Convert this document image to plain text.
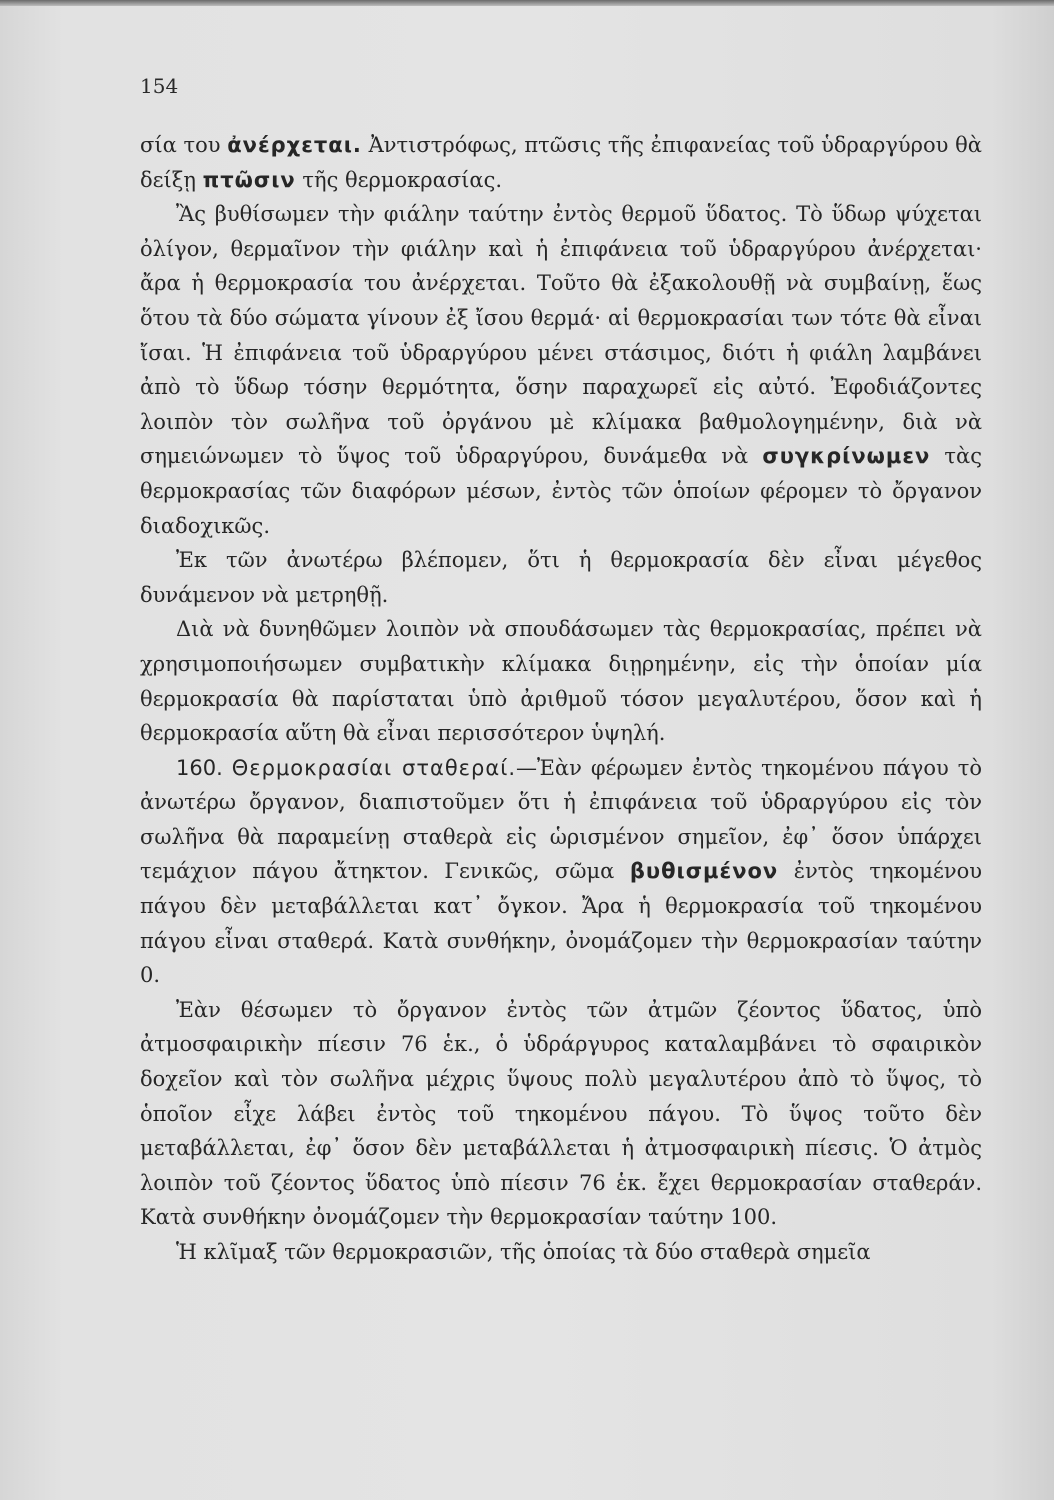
154

σία του ἀνέρχεται. Ἀντιστρόφως, πτῶσις τῆς ἐπιφανείας τοῦ ὑδραργύρου θὰ δείξῃ πτῶσιν τῆς θερμοκρασίας.

Ἂς βυθίσωμεν τὴν φιάλην ταύτην ἐντὸς θερμοῦ ὕδατος. Τὸ ὕδωρ ψύχεται ὀλίγον, θερμαῖνον τὴν φιάλην καὶ ἡ ἐπιφάνεια τοῦ ὑδραργύρου ἀνέρχεται· ἄρα ἡ θερμοκρασία του ἀνέρχεται. Τοῦτο θὰ ἐξακολουθῇ νὰ συμβαίνῃ, ἕως ὅτου τὰ δύο σώματα γίνουν ἐξ ἴσου θερμά· αἱ θερμοκρασίαι των τότε θὰ εἶναι ἴσαι. Ἡ ἐπιφάνεια τοῦ ὑδραργύρου μένει στάσιμος, διότι ἡ φιάλη λαμβάνει ἀπὸ τὸ ὕδωρ τόσην θερμότητα, ὅσην παραχωρεῖ εἰς αὐτό. Ἐφοδιάζοντες λοιπὸν τὸν σωλῆνα τοῦ ὀργάνου μὲ κλίμακα βαθμολογημένην, διὰ νὰ σημειώνωμεν τὸ ὕψος τοῦ ὑδραργύρου, δυνάμεθα νὰ συγκρίνωμεν τὰς θερμοκρασίας τῶν διαφόρων μέσων, ἐντὸς τῶν ὁποίων φέρομεν τὸ ὄργανον διαδοχικῶς.

Ἐκ τῶν ἀνωτέρω βλέπομεν, ὅτι ἡ θερμοκρασία δὲν εἶναι μέγεθος δυνάμενον νὰ μετρηθῇ.

Διὰ νὰ δυνηθῶμεν λοιπὸν νὰ σπουδάσωμεν τὰς θερμοκρασίας, πρέπει νὰ χρησιμοποιήσωμεν συμβατικὴν κλίμακα διῃρημένην, εἰς τὴν ὁποίαν μία θερμοκρασία θὰ παρίσταται ὑπὸ ἀριθμοῦ τόσον μεγαλυτέρου, ὅσον καὶ ἡ θερμοκρασία αὕτη θὰ εἶναι περισσότερον ὑψηλή.

160. Θερμοκρασίαι σταθεραί.—Ἐὰν φέρωμεν ἐντὸς τηκομένου πάγου τὸ ἀνωτέρω ὄργανον, διαπιστοῦμεν ὅτι ἡ ἐπιφάνεια τοῦ ὑδραργύρου εἰς τὸν σωλῆνα θὰ παραμείνῃ σταθερὰ εἰς ὡρισμένον σημεῖον, ἐφ᾽ ὅσον ὑπάρχει τεμάχιον πάγου ἄτηκτον. Γενικῶς, σῶμα βυθισμένον ἐντὸς τηκομένου πάγου δὲν μεταβάλλεται κατ᾽ ὄγκον. Ἄρα ἡ θερμοκρασία τοῦ τηκομένου πάγου εἶναι σταθερά. Κατὰ συνθήκην, ὀνομάζομεν τὴν θερμοκρασίαν ταύτην 0.

Ἐὰν θέσωμεν τὸ ὄργανον ἐντὸς τῶν ἀτμῶν ζέοντος ὕδατος, ὑπὸ ἀτμοσφαιρικὴν πίεσιν 76 ἑκ., ὁ ὑδράργυρος καταλαμβάνει τὸ σφαιρικὸν δοχεῖον καὶ τὸν σωλῆνα μέχρις ὕψους πολὺ μεγαλυτέρου ἀπὸ τὸ ὕψος, τὸ ὁποῖον εἶχε λάβει ἐντὸς τοῦ τηκομένου πάγου. Τὸ ὕψος τοῦτο δὲν μεταβάλλεται, ἐφ᾽ ὅσον δὲν μεταβάλλεται ἡ ἀτμοσφαιρικὴ πίεσις. Ὁ ἀτμὸς λοιπὸν τοῦ ζέοντος ὕδατος ὑπὸ πίεσιν 76 ἑκ. ἔχει θερμοκρασίαν σταθεράν. Κατὰ συνθήκην ὀνομάζομεν τὴν θερμοκρασίαν ταύτην 100.

Ἡ κλῖμαξ τῶν θερμοκρασιῶν, τῆς ὁποίας τὰ δύο σταθερὰ σημεῖα
